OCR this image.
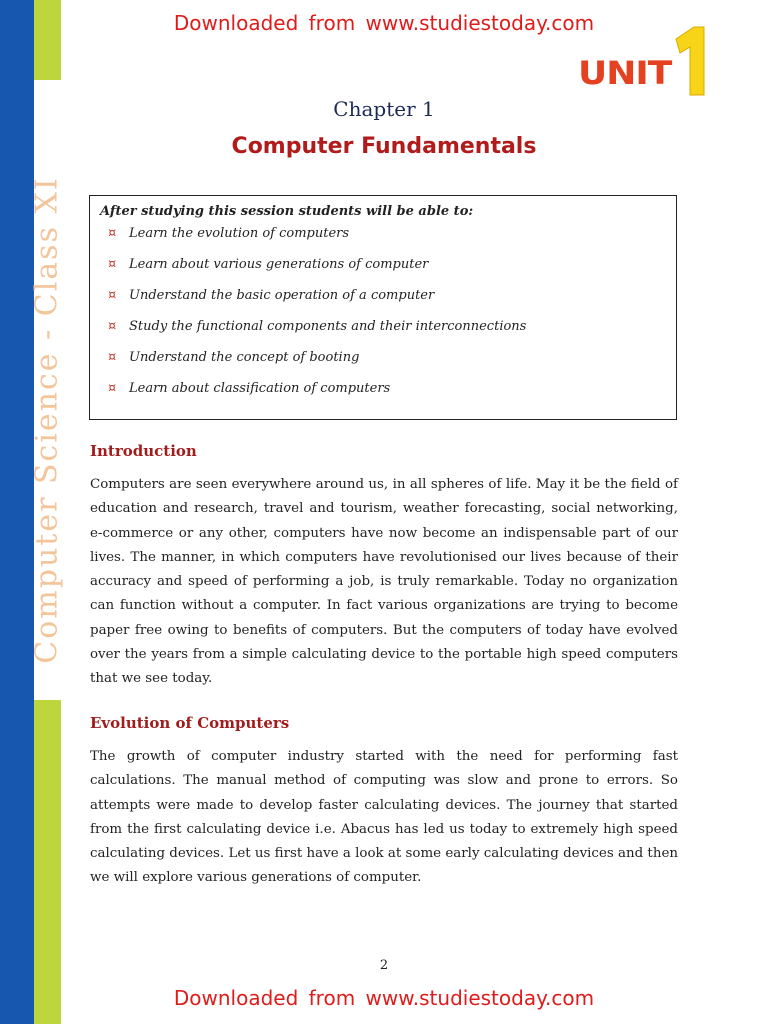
Computer Science - Class XI
Downloaded from www.studiestoday.com
UNIT
Chapter 1
Computer Fundamentals
After studying this session students will be able to:
¤ Learn the evolution of computers
¤ Learn about various generations of computer
¤ Understand the basic operation of a computer
¤ Study the functional components and their interconnections
¤ Understand the concept of booting
¤ Learn about classification of computers
Introduction

Computers are seen everywhere around us, in all spheres of life. May it be the field of education and research, travel and tourism, weather forecasting, social networking, e-commerce or any other, computers have now become an indispensable part of our lives. The manner, in which computers have revolutionised our lives because of their accuracy and speed of performing a job, is truly remarkable. Today no organization can function without a computer. In fact various organizations are trying to become paper free owing to benefits of computers. But the computers of today have evolved over the years from a simple calculating device to the portable high speed computers that we see today.

Evolution of Computers

The growth of computer industry started with the need for performing fast calculations. The manual method of computing was slow and prone to errors. So attempts were made to develop faster calculating devices. The journey that started from the first calculating device i.e. Abacus has led us today to extremely high speed calculating devices. Let us first have a look at some early calculating devices and then we will explore various generations of computer.

2
Downloaded from www.studiestoday.com
